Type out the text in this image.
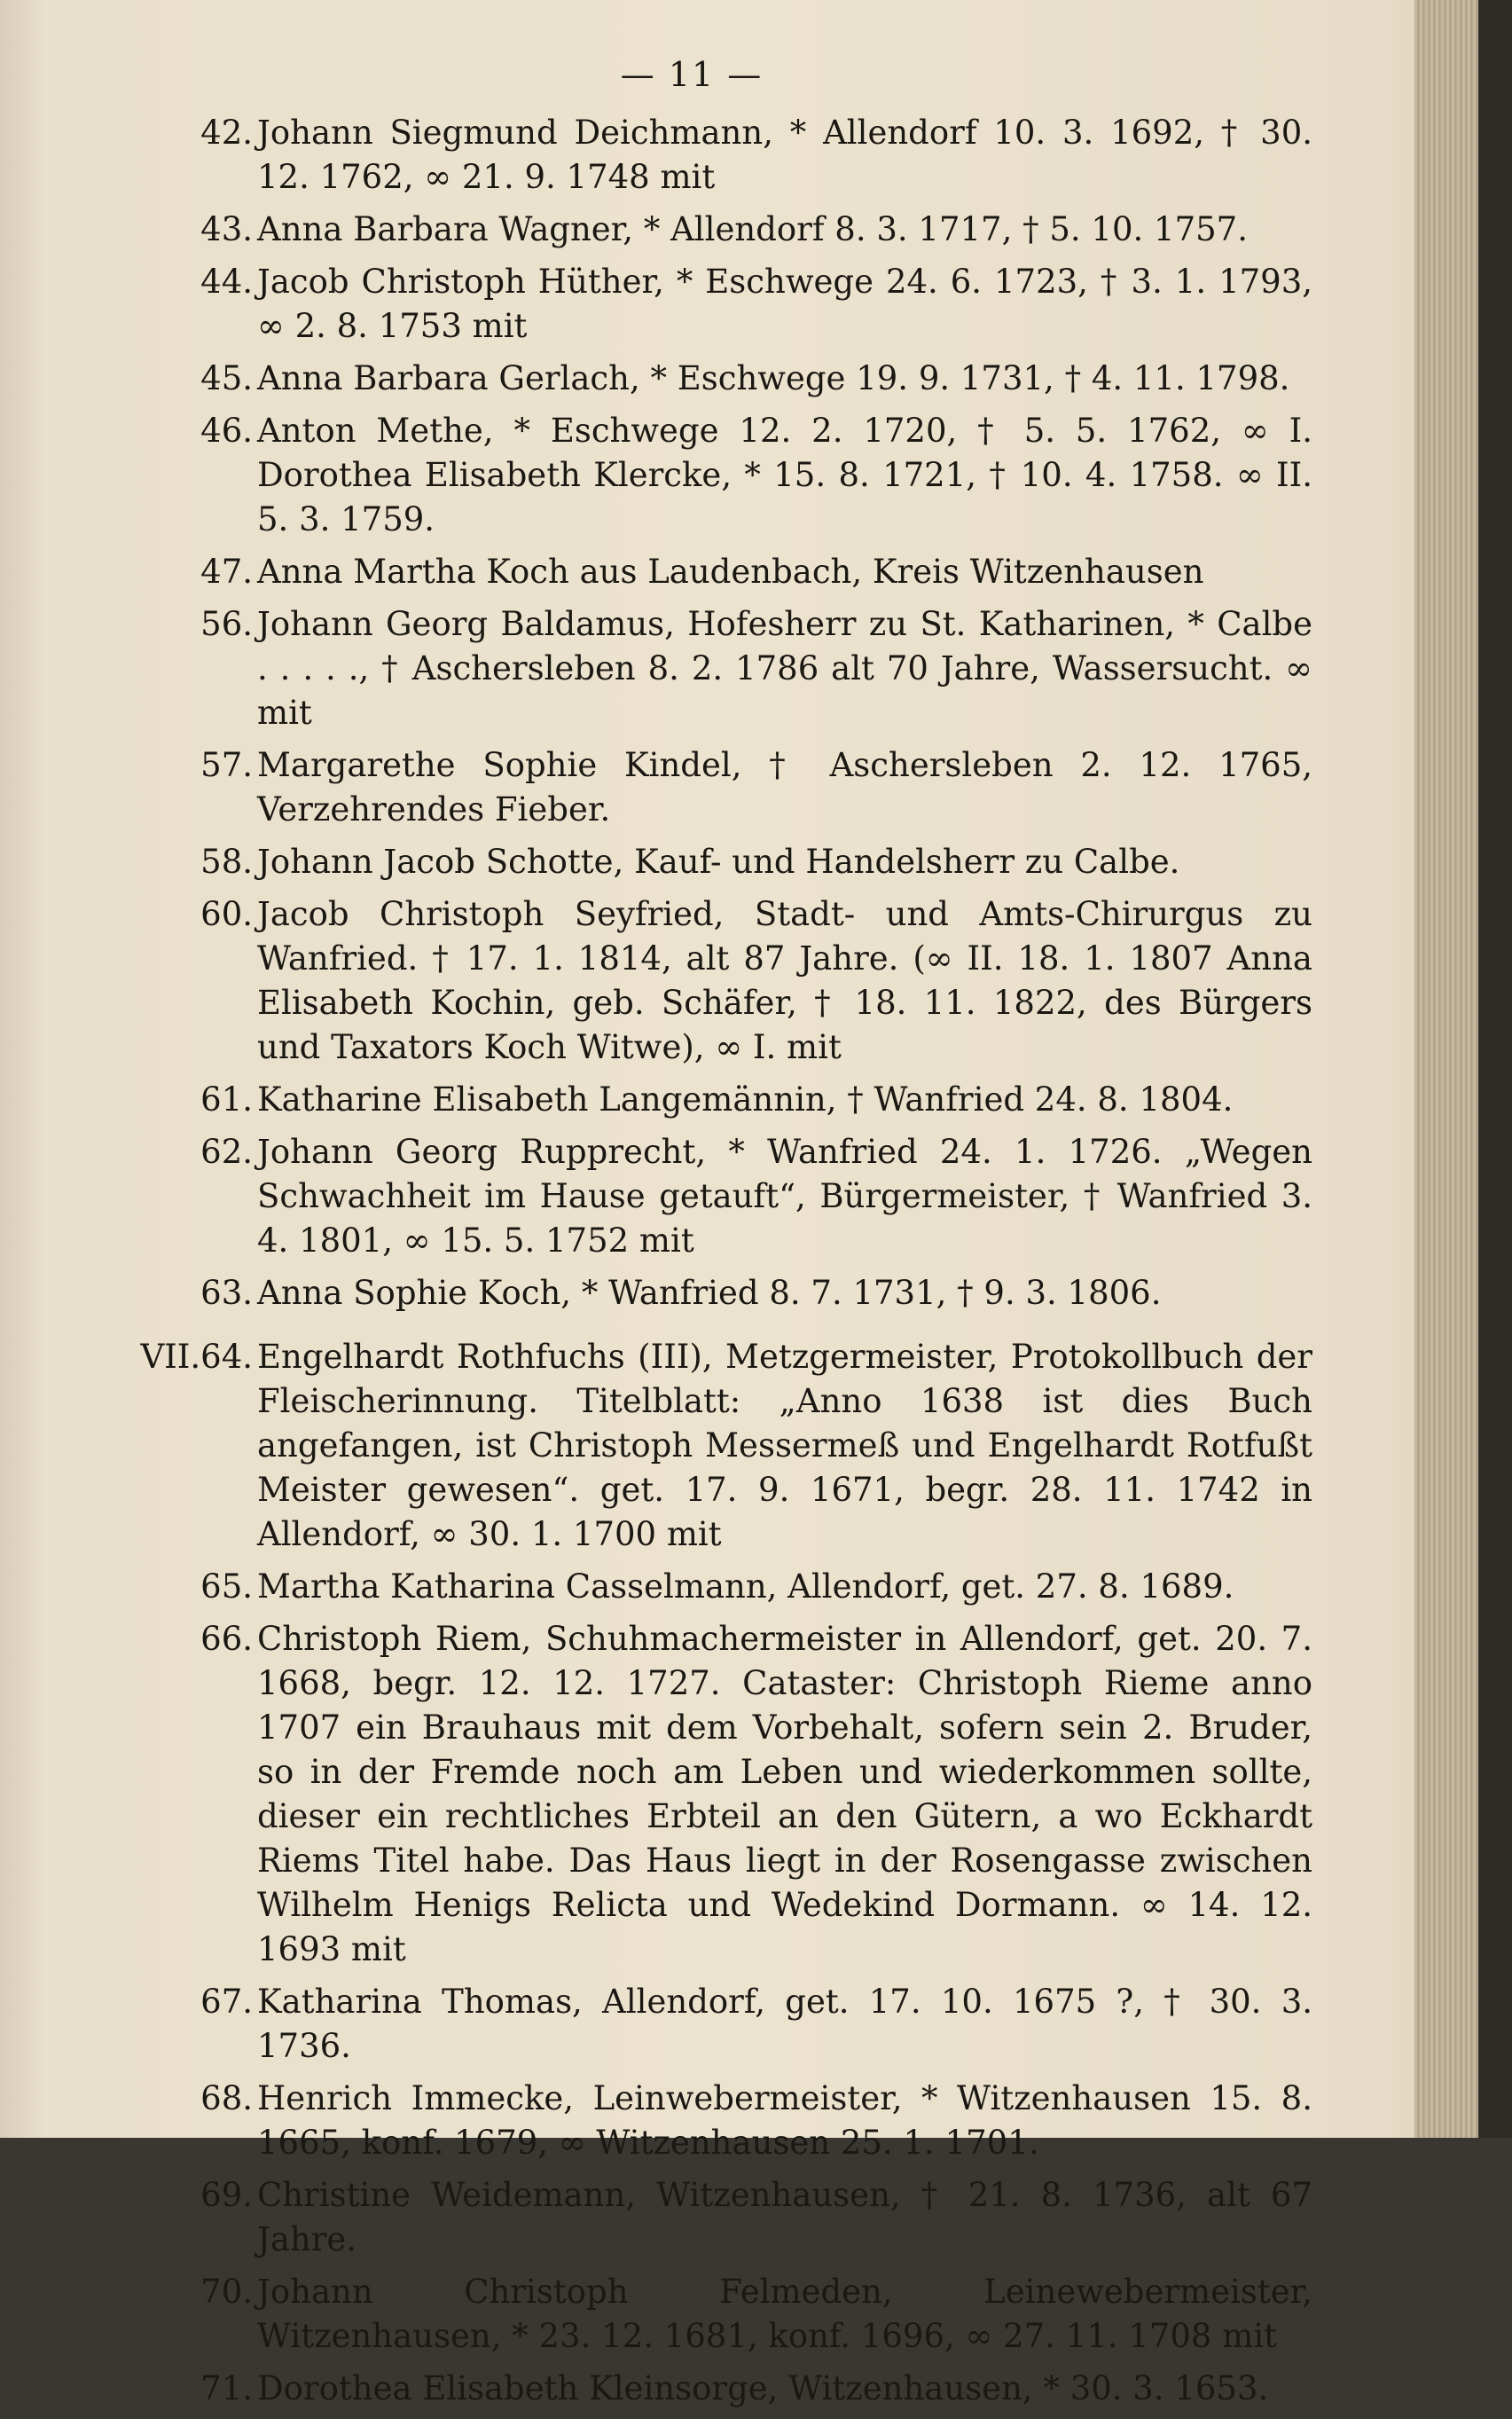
— 11 —
42. Johann Siegmund Deichmann, * Allendorf 10. 3. 1692, † 30. 12. 1762, ∞ 21. 9. 1748 mit
43. Anna Barbara Wagner, * Allendorf 8. 3. 1717, † 5. 10. 1757.
44. Jacob Christoph Hüther, * Eschwege 24. 6. 1723, † 3. 1. 1793, ∞ 2. 8. 1753 mit
45. Anna Barbara Gerlach, * Eschwege 19. 9. 1731, † 4. 11. 1798.
46. Anton Methe, * Eschwege 12. 2. 1720, † 5. 5. 1762, ∞ I. Dorothea Elisabeth Klercke, * 15. 8. 1721, † 10. 4. 1758. ∞ II. 5. 3. 1759.
47. Anna Martha Koch aus Laudenbach, Kreis Witzenhausen
56. Johann Georg Baldamus, Hofesherr zu St. Katharinen, * Calbe . . . . ., † Aschersleben 8. 2. 1786 alt 70 Jahre, Wassersucht. ∞ mit
57. Margarethe Sophie Kindel, † Aschersleben 2. 12. 1765, Verzehrendes Fieber.
58. Johann Jacob Schotte, Kauf- und Handelsherr zu Calbe.
60. Jacob Christoph Seyfried, Stadt- und Amts-Chirurgus zu Wanfried. † 17. 1. 1814, alt 87 Jahre. (∞ II. 18. 1. 1807 Anna Elisabeth Kochin, geb. Schäfer, † 18. 11. 1822, des Bürgers und Taxators Koch Witwe), ∞ I. mit
61. Katharine Elisabeth Langemännin, † Wanfried 24. 8. 1804.
62. Johann Georg Rupprecht, * Wanfried 24. 1. 1726. „Wegen Schwachheit im Hause getauft“, Bürgermeister, † Wanfried 3. 4. 1801, ∞ 15. 5. 1752 mit
63. Anna Sophie Koch, * Wanfried 8. 7. 1731, † 9. 3. 1806.
VII.64. Engelhardt Rothfuchs (III), Metzgermeister, Protokollbuch der Fleischerinnung. Titelblatt: „Anno 1638 ist dies Buch angefangen, ist Christoph Messermeß und Engelhardt Rotfußt Meister gewesen“. get. 17. 9. 1671, begr. 28. 11. 1742 in Allendorf, ∞ 30. 1. 1700 mit
65. Martha Katharina Casselmann, Allendorf, get. 27. 8. 1689.
66. Christoph Riem, Schuhmachermeister in Allendorf, get. 20. 7. 1668, begr. 12. 12. 1727. Cataster: Christoph Rieme anno 1707 ein Brauhaus mit dem Vorbehalt, sofern sein 2. Bruder, so in der Fremde noch am Leben und wiederkommen sollte, dieser ein rechtliches Erbteil an den Gütern, a wo Eckhardt Riems Titel habe. Das Haus liegt in der Rosengasse zwischen Wilhelm Henigs Relicta und Wedekind Dormann. ∞ 14. 12. 1693 mit
67. Katharina Thomas, Allendorf, get. 17. 10. 1675 ?, † 30. 3. 1736.
68. Henrich Immecke, Leinwebermeister, * Witzenhausen 15. 8. 1665, konf. 1679, ∞ Witzenhausen 25. 1. 1701.
69. Christine Weidemann, Witzenhausen, † 21. 8. 1736, alt 67 Jahre.
70. Johann Christoph Felmeden, Leinewebermeister, Witzenhausen, * 23. 12. 1681, konf. 1696, ∞ 27. 11. 1708 mit
71. Dorothea Elisabeth Kleinsorge, Witzenhausen, * 30. 3. 1653.
